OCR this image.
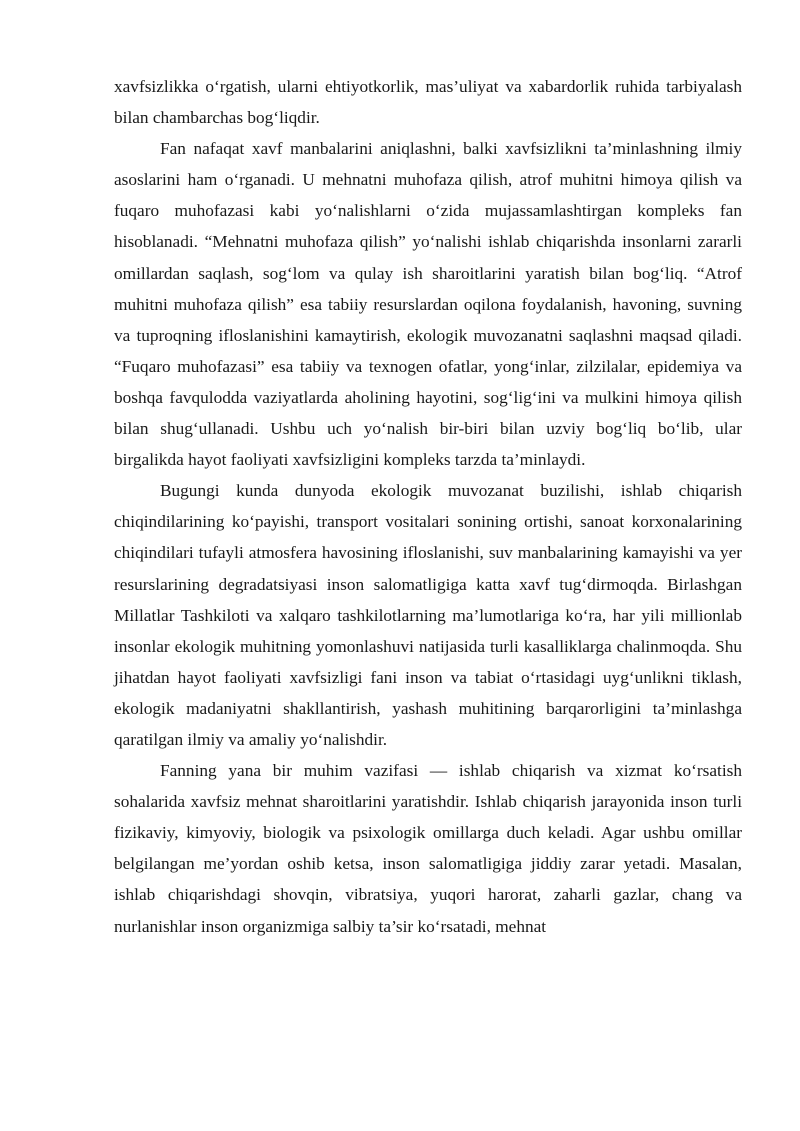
xavfsizlikka o‘rgatish, ularni ehtiyotkorlik, mas’uliyat va xabardorlik ruhida tarbiyalash bilan chambarchas bog‘liqdir.

Fan nafaqat xavf manbalarini aniqlashni, balki xavfsizlikni ta’minlashning ilmiy asoslarini ham o‘rganadi. U mehnatni muhofaza qilish, atrof muhitni himoya qilish va fuqaro muhofazasi kabi yo‘nalishlarni o‘zida mujassamlashtirgan kompleks fan hisoblanadi. “Mehnatni muhofaza qilish” yo‘nalishi ishlab chiqarishda insonlarni zararli omillardan saqlash, sog‘lom va qulay ish sharoitlarini yaratish bilan bog‘liq. “Atrof muhitni muhofaza qilish” esa tabiiy resurslardan oqilona foydalanish, havoning, suvning va tuproqning ifloslanishini kamaytirish, ekologik muvozanatni saqlashni maqsad qiladi. “Fuqaro muhofazasi” esa tabiiy va texnogen ofatlar, yong‘inlar, zilzilalar, epidemiya va boshqa favqulodda vaziyatlarda aholining hayotini, sog‘lig‘ini va mulkini himoya qilish bilan shug‘ullanadi. Ushbu uch yo‘nalish bir-biri bilan uzviy bog‘liq bo‘lib, ular birgalikda hayot faoliyati xavfsizligini kompleks tarzda ta’minlaydi.

Bugungi kunda dunyoda ekologik muvozanat buzilishi, ishlab chiqarish chiqindilarining ko‘payishi, transport vositalari sonining ortishi, sanoat korxonalarining chiqindilari tufayli atmosfera havosining ifloslanishi, suv manbalarining kamayishi va yer resurslarining degradatsiyasi inson salomatligiga katta xavf tug‘dirmoqda. Birlashgan Millatlar Tashkiloti va xalqaro tashkilotlarning ma’lumotlariga ko‘ra, har yili millionlab insonlar ekologik muhitning yomonlashuvi natijasida turli kasalliklarga chalinmoqda. Shu jihatdan hayot faoliyati xavfsizligi fani inson va tabiat o‘rtasidagi uyg‘unlikni tiklash, ekologik madaniyatni shakllantirish, yashash muhitining barqarorligini ta’minlashga qaratilgan ilmiy va amaliy yo‘nalishdir.

Fanning yana bir muhim vazifasi — ishlab chiqarish va xizmat ko‘rsatish sohalarida xavfsiz mehnat sharoitlarini yaratishdir. Ishlab chiqarish jarayonida inson turli fizikaviy, kimyoviy, biologik va psixologik omillarga duch keladi. Agar ushbu omillar belgilangan me’yordan oshib ketsa, inson salomatligiga jiddiy zarar yetadi. Masalan, ishlab chiqarishdagi shovqin, vibratsiya, yuqori harorat, zaharli gazlar, chang va nurlanishlar inson organizmiga salbiy ta’sir ko‘rsatadi, mehnat
